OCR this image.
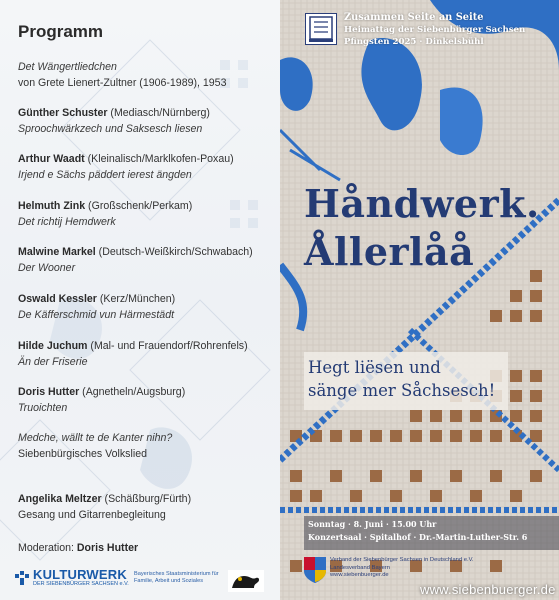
Programm
Det Wängertliedchen
von Grete Lienert-Zultner (1906-1989), 1953
Günther Schuster (Mediasch/Nürnberg)
Sproochwärkzech und Saksesch liesen
Arthur Waadt (Kleinalisch/Marklkofen-Poxau)
Irjend e Sächs päddert ierest ängden
Helmuth Zink (Großschenk/Perkam)
Det richtij Hemdwerk
Malwine Markel (Deutsch-Weißkirch/Schwabach)
Der Wooner
Oswald Kessler (Kerz/München)
De Käfferschmid vun Härmestädt
Hilde Juchum (Mal- und Frauendorf/Rohrenfels)
Än der Friserie
Doris Hutter (Agnetheln/Augsburg)
Truoichten
Medche, wällt te de Kanter nihn?
Siebenbürgisches Volkslied
Angelika Meltzer (Schäßburg/Fürth)
Gesang und Gitarrenbegleitung
Moderation: Doris Hutter
KULTURWERK
DER SIEBENBÜRGER SACHSEN e.V.
Bayerisches Staatsministerium für
Familie, Arbeit und Soziales
Zusammen Seite an Seite
Heimattag der Siebenbürger Sachsen
Pfingsten 2025 · Dinkelsbühl
Håndwerk.
Ållerlåå
Hegt liësen und
sänge mer Såchsesch!
Sonntag · 8. Juni · 15.00 Uhr
Konzertsaal · Spitalhof · Dr.-Martin-Luther-Str. 6
Verband der Siebenbürger Sachsen in Deutschland e.V.
Landesverband Bayern
www.siebenbuerger.de
www.siebenbuerger.de
